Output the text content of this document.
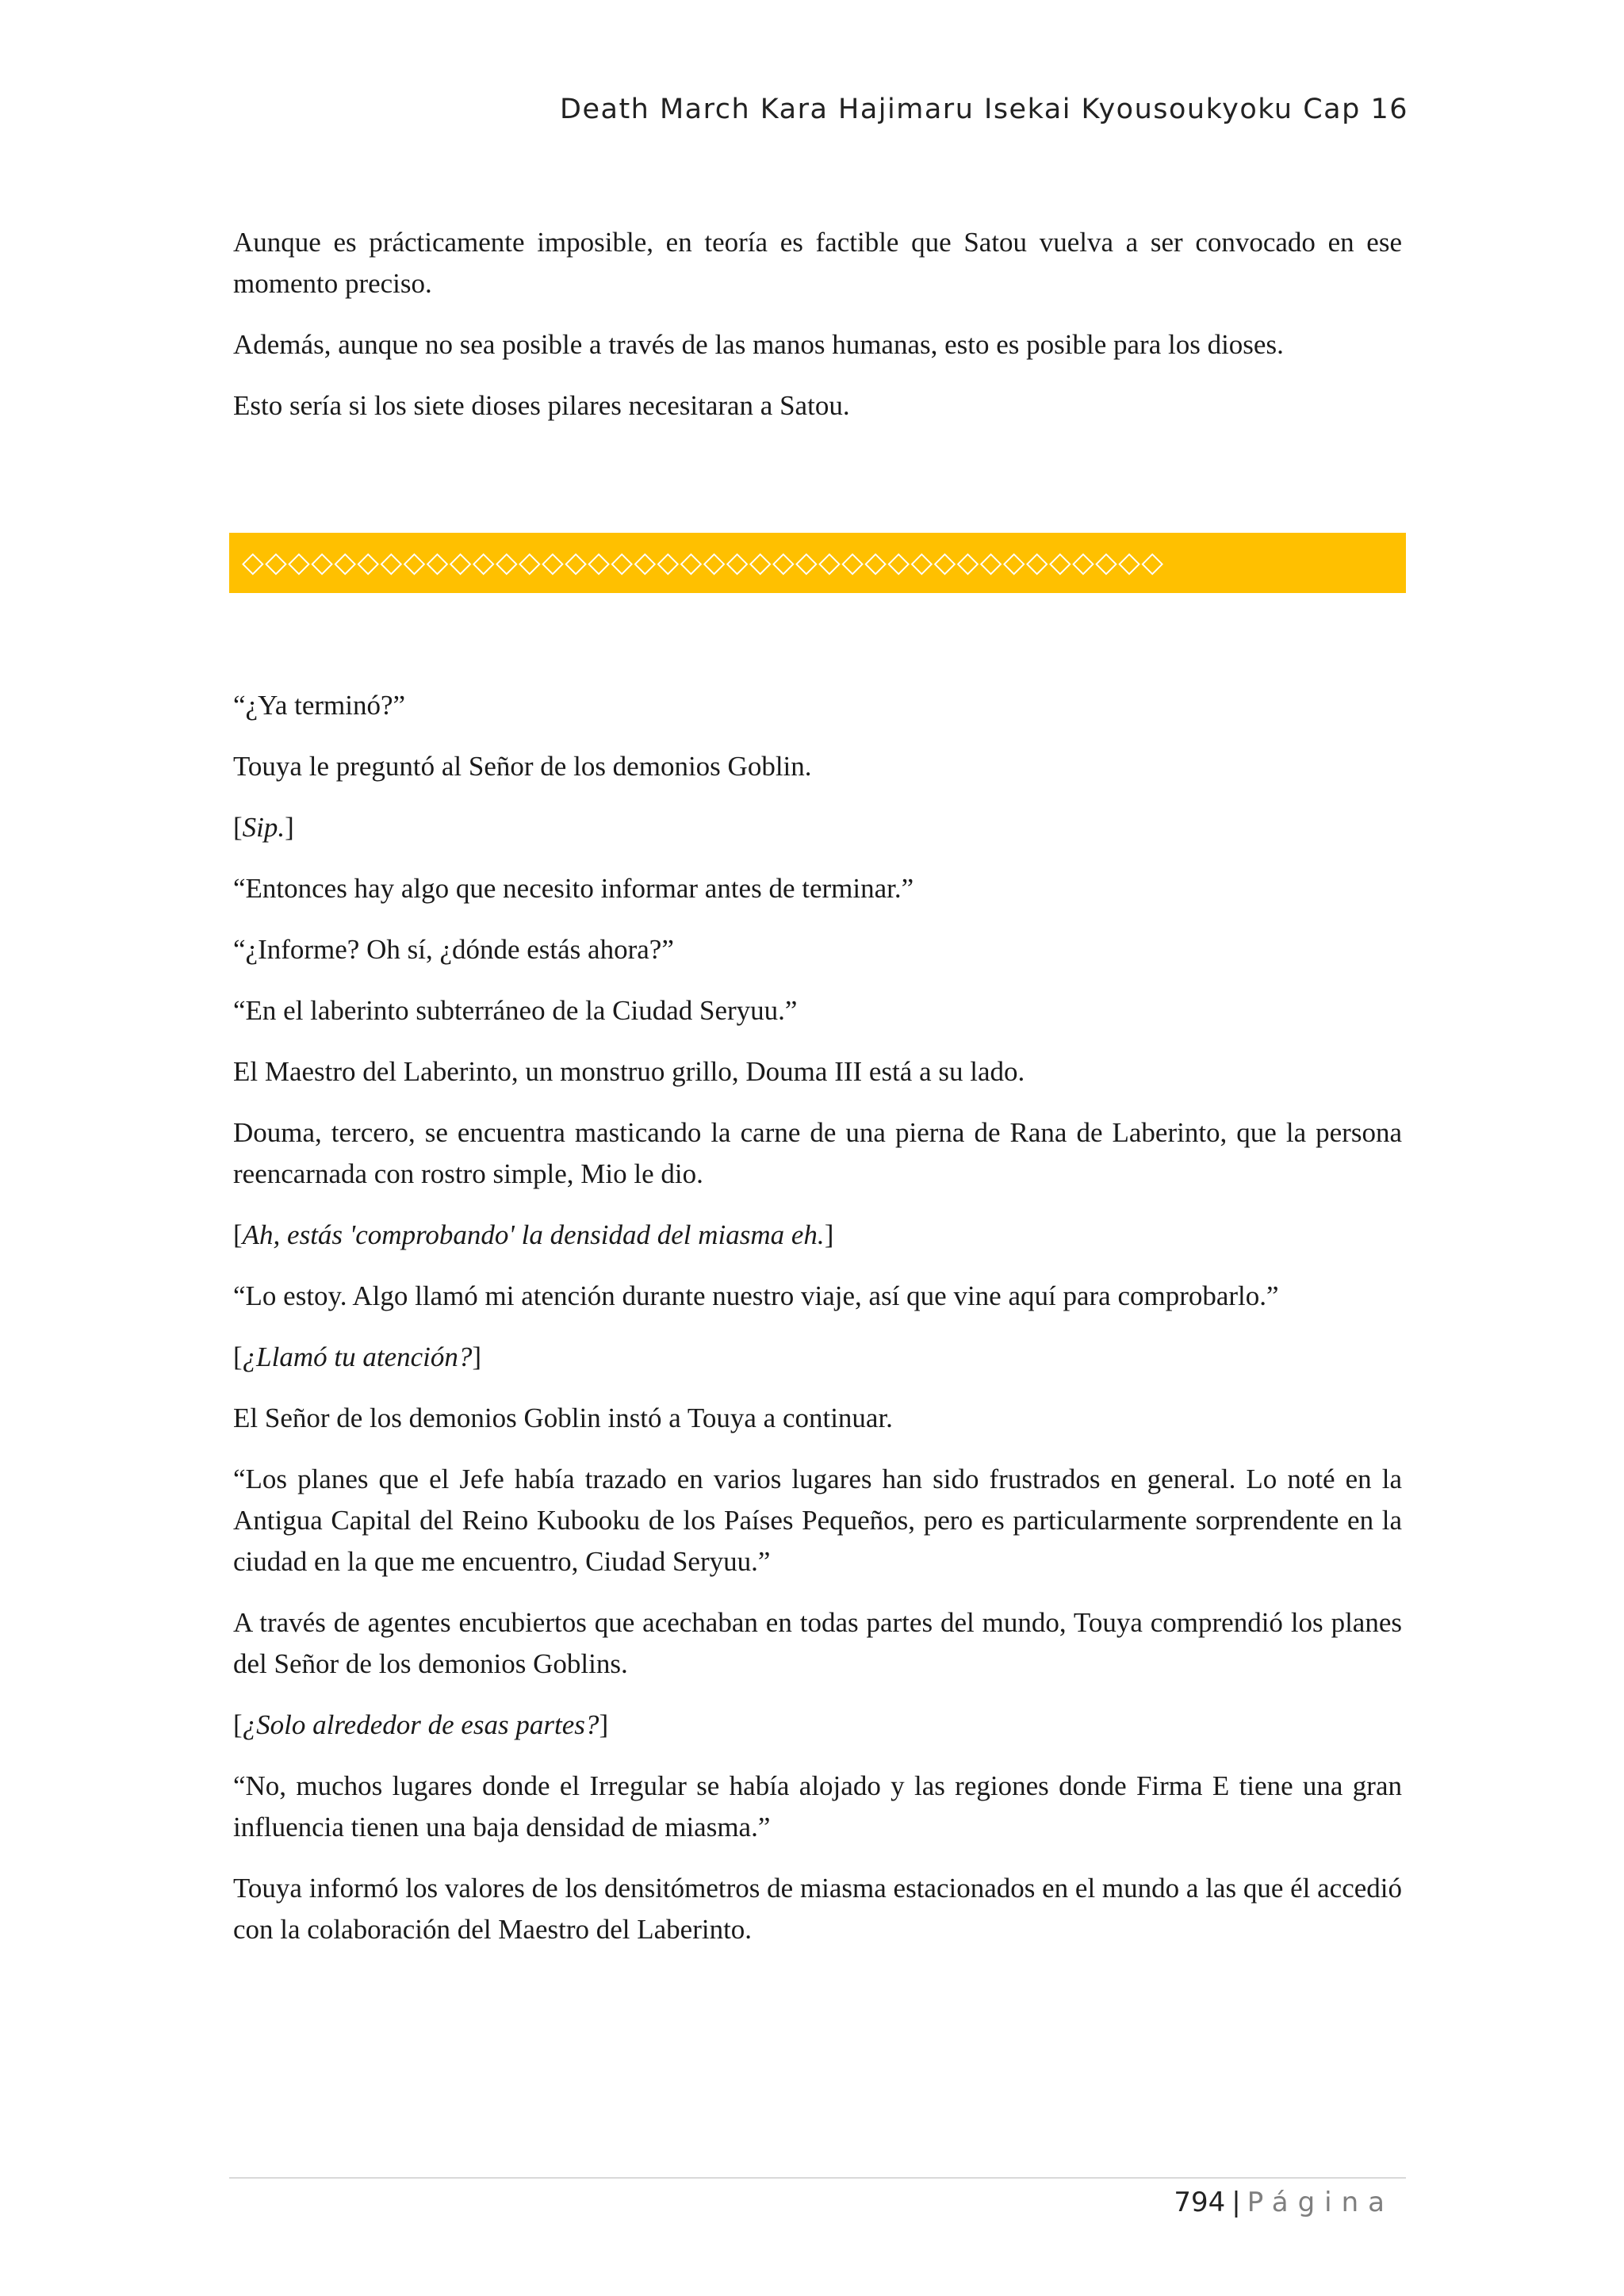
Death March Kara Hajimaru Isekai Kyousoukyoku Cap 16

Aunque es prácticamente imposible, en teoría es factible que Satou vuelva a ser convocado en ese momento preciso.

Además, aunque no sea posible a través de las manos humanas, esto es posible para los dioses.

Esto sería si los siete dioses pilares necesitaran a Satou.

◇◇◇◇◇◇◇◇◇◇◇◇◇◇◇◇◇◇◇◇◇◇◇◇◇◇◇◇◇◇◇◇◇◇◇◇◇◇◇◇

“¿Ya terminó?”

Touya le preguntó al Señor de los demonios Goblin.

[Sip.]

“Entonces hay algo que necesito informar antes de terminar.”

“¿Informe? Oh sí, ¿dónde estás ahora?”

“En el laberinto subterráneo de la Ciudad Seryuu.”

El Maestro del Laberinto, un monstruo grillo, Douma III está a su lado.

Douma, tercero, se encuentra masticando la carne de una pierna de Rana de Laberinto, que la persona reencarnada con rostro simple, Mio le dio.

[Ah, estás 'comprobando' la densidad del miasma eh.]

“Lo estoy. Algo llamó mi atención durante nuestro viaje, así que vine aquí para comprobarlo.”

[¿Llamó tu atención?]

El Señor de los demonios Goblin instó a Touya a continuar.

“Los planes que el Jefe había trazado en varios lugares han sido frustrados en general. Lo noté en la Antigua Capital del Reino Kubooku de los Países Pequeños, pero es particularmente sorprendente en la ciudad en la que me encuentro, Ciudad Seryuu.”

A través de agentes encubiertos que acechaban en todas partes del mundo, Touya comprendió los planes del Señor de los demonios Goblins.

[¿Solo alrededor de esas partes?]

“No, muchos lugares donde el Irregular se había alojado y las regiones donde Firma E tiene una gran influencia tienen una baja densidad de miasma.”

Touya informó los valores de los densitómetros de miasma estacionados en el mundo a las que él accedió con la colaboración del Maestro del Laberinto.

794 | Página
